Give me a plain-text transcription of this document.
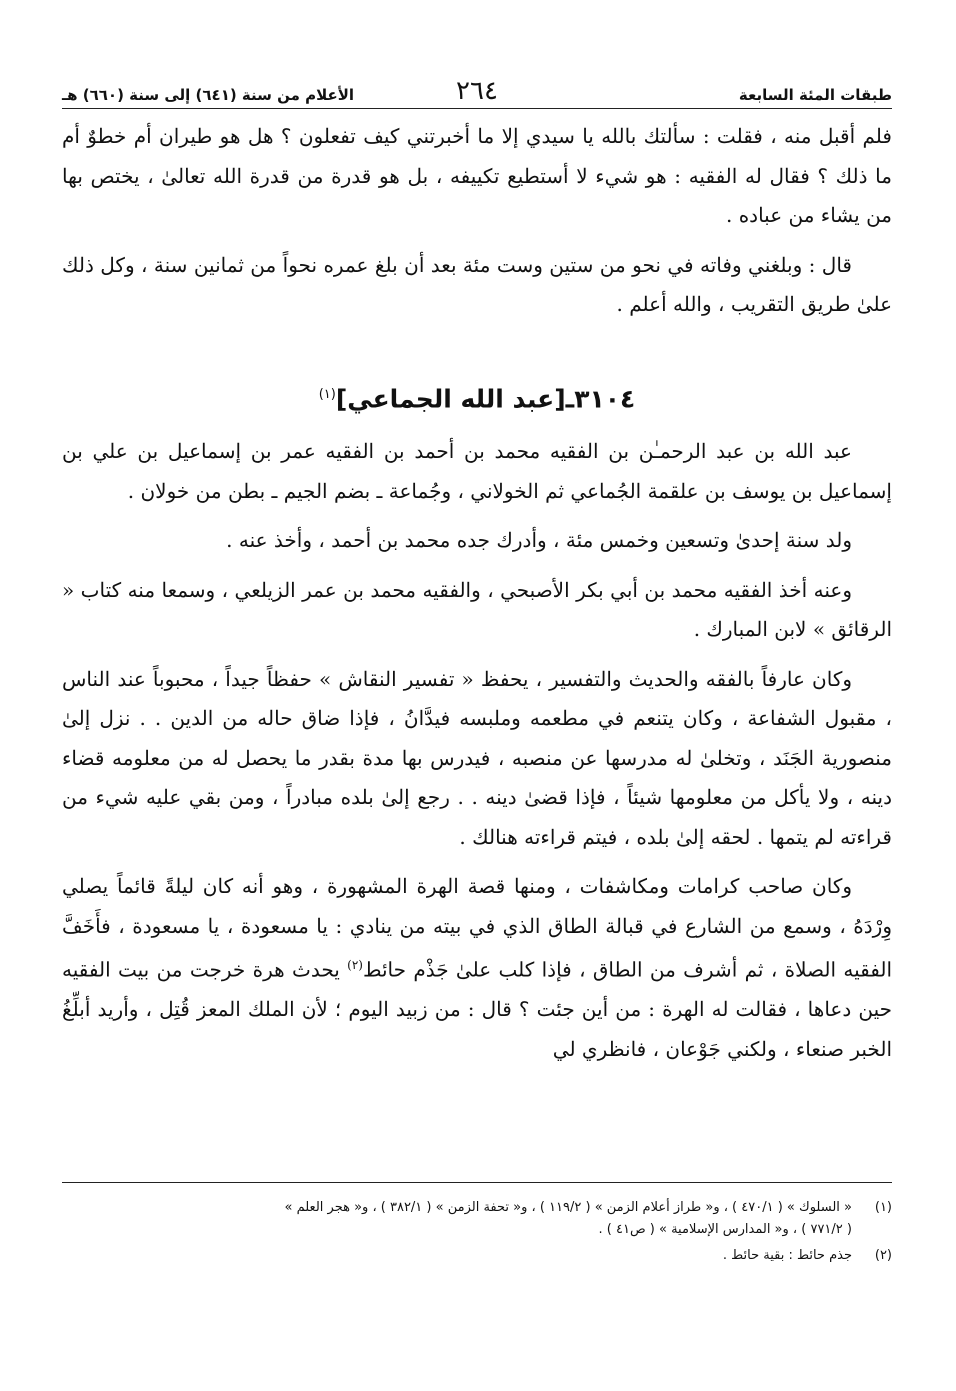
طبقات المئة السابعة
٢٦٤
الأعلام من سنة (٦٤١) إلى سنة (٦٦٠) هـ

فلم أقبل منه ، فقلت : سألتك بالله يا سيدي إلا ما أخبرتني كيف تفعلون ؟ هل هو طيران أم خطوٌ أم ما ذلك ؟ فقال له الفقيه : هو شيء لا أستطيع تكييفه ، بل هو قدرة من قدرة الله تعالىٰ ، يختص بها من يشاء من عباده .

قال : وبلغني وفاته في نحو من ستين وست مئة بعد أن بلغ عمره نحواً من ثمانين سنة ، وكل ذلك علىٰ طريق التقريب ، والله أعلم .

٣١٠٤ـ[عبد الله الجماعي]$^{(١)}$

عبد الله بن عبد الرحمـٰن بن الفقيه محمد بن أحمد بن الفقيه عمر بن إسماعيل بن علي بن إسماعيل بن يوسف بن علقمة الجُماعي ثم الخولاني ، وجُماعة ـ بضم الجيم ـ بطن من خولان .

ولد سنة إحدىٰ وتسعين وخمس مئة ، وأدرك جده محمد بن أحمد ، وأخذ عنه .

وعنه أخذ الفقيه محمد بن أبي بكر الأصبحي ، والفقيه محمد بن عمر الزيلعي ، وسمعا منه كتاب « الرقائق » لابن المبارك .

وكان عارفاً بالفقه والحديث والتفسير ، يحفظ « تفسير النقاش » حفظاً جيداً ، محبوباً عند الناس ، مقبول الشفاعة ، وكان يتنعم في مطعمه وملبسه فيدَّانُ ، فإذا ضاق حاله من الدين . . نزل إلىٰ منصورية الجَنَد ، وتخلىٰ له مدرسها عن منصبه ، فيدرس بها مدة بقدر ما يحصل له من معلومه قضاء دينه ، ولا يأكل من معلومها شيئاً ، فإذا قضىٰ دينه . . رجع إلىٰ بلده مبادراً ، ومن بقي عليه شيء من قراءته لم يتمها . لحقه إلىٰ بلده ، فيتم قراءته هنالك .

وكان صاحب كرامات ومكاشفات ، ومنها قصة الهرة المشهورة ، وهو أنه كان ليلةً قائماً يصلي وِرْدَهُ ، وسمع من الشارع في قبالة الطاق الذي في بيته من ينادي : يا مسعودة ، يا مسعودة ، فأَخَفَّ الفقيه الصلاة ، ثم أشرف من الطاق ، فإذا كلب علىٰ جَذْم حائط$^{(٢)}$ يحدث هرة خرجت من بيت الفقيه حين دعاها ، فقالت له الهرة : من أين جئت ؟ قال : من زبيد اليوم ؛ لأن الملك المعز قُتِل ، وأريد أبلِّغُ الخبر صنعاء ، ولكني جَوْعان ، فانظري لي

(١)
« السلوك » ( ٤٧٠/١ ) ، و« طراز أعلام الزمن » ( ١١٩/٢ ) ، و« تحفة الزمن » ( ٣٨٢/١ ) ، و« هجر العلم »
( ٧٧١/٢ ) ، و« المدارس الإسلامية » ( ص٤١ ) .
(٢)
جذم حائط : بقية حائط .
